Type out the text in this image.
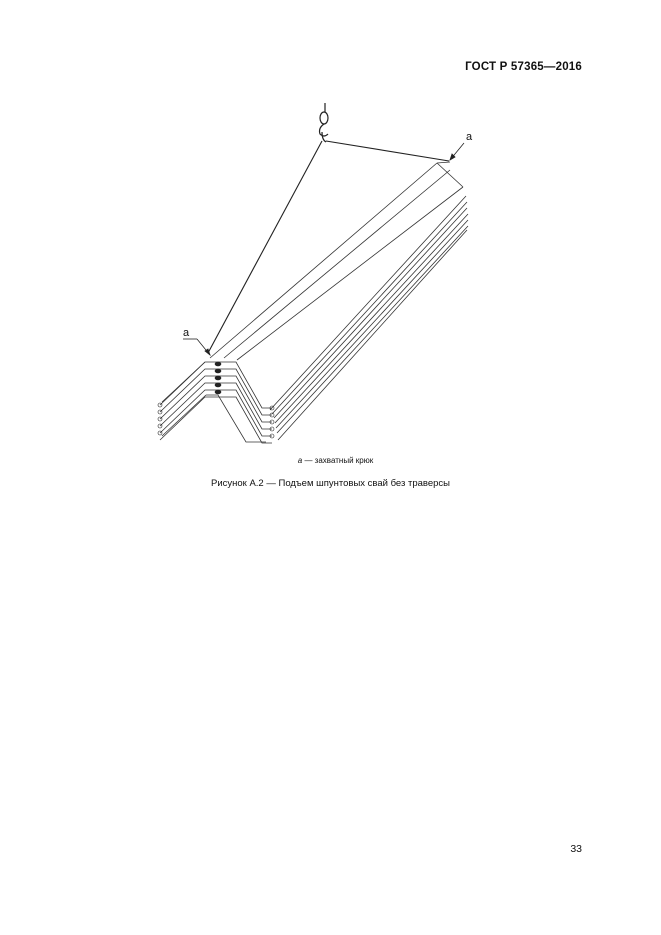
ГОСТ Р 57365—2016
a
a
a — захватный крюк
Рисунок А.2 — Подъем шпунтовых свай без траверсы
33
